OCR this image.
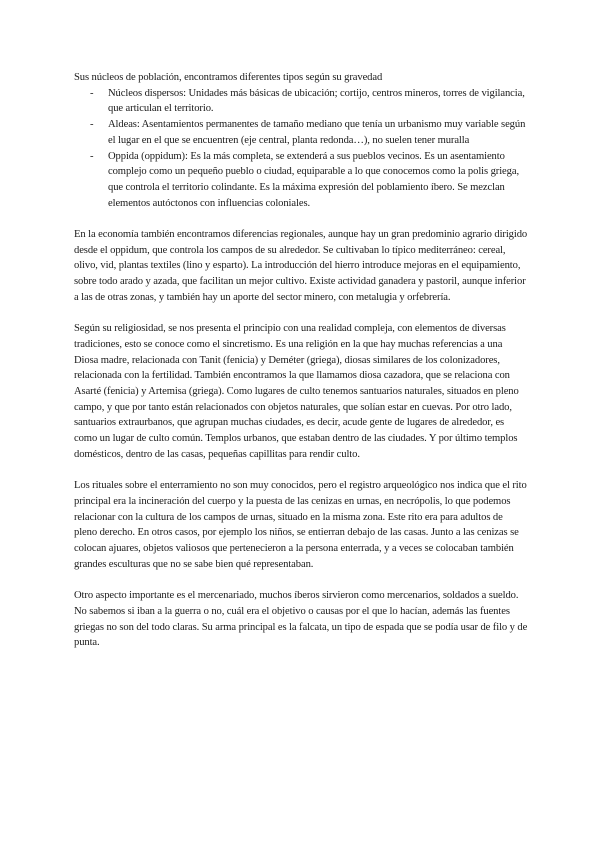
Sus núcleos de población, encontramos diferentes tipos según su gravedad

- Núcleos dispersos: Unidades más básicas de ubicación; cortijo, centros mineros, torres de vigilancia, que articulan el territorio.
- Aldeas: Asentamientos permanentes de tamaño mediano que tenía un urbanismo muy variable según el lugar en el que se encuentren (eje central, planta redonda…), no suelen tener muralla
- Oppida (oppidum): Es la más completa, se extenderá a sus pueblos vecinos. Es un asentamiento complejo como un pequeño pueblo o ciudad, equiparable a lo que conocemos como la polis griega, que controla el territorio colindante. Es la máxima expresión del poblamiento íbero. Se mezclan elementos autóctonos con influencias coloniales.

En la economía también encontramos diferencias regionales, aunque hay un gran predominio agrario dirigido desde el oppidum, que controla los campos de su alrededor. Se cultivaban lo típico mediterráneo: cereal, olivo, vid, plantas textiles (lino y esparto). La introducción del hierro introduce mejoras en el equipamiento, sobre todo arado y azada, que facilitan un mejor cultivo. Existe actividad ganadera y pastoril, aunque inferior a las de otras zonas, y también hay un aporte del sector minero, con metalugia y orfebrería.

Según su religiosidad, se nos presenta el principio con una realidad compleja, con elementos de diversas tradiciones, esto se conoce como el sincretismo. Es una religión en la que hay muchas referencias a una Diosa madre, relacionada con Tanit (fenicia) y Deméter (griega), diosas similares de los colonizadores, relacionada con la fertilidad. También encontramos la que llamamos diosa cazadora, que se relaciona con Asarté (fenicia) y Artemisa (griega). Como lugares de culto tenemos santuarios naturales, situados en pleno campo, y que por tanto están relacionados con objetos naturales, que solían estar en cuevas. Por otro lado, santuarios extraurbanos, que agrupan muchas ciudades, es decir, acude gente de lugares de alrededor, es como un lugar de culto común. Templos urbanos, que estaban dentro de las ciudades. Y por último templos domésticos, dentro de las casas, pequeñas capillitas para rendir culto.

Los rituales sobre el enterramiento no son muy conocidos, pero el registro arqueológico nos indica que el rito principal era la incineración del cuerpo y la puesta de las cenizas en urnas, en necrópolis, lo que podemos relacionar con la cultura de los campos de urnas, situado en la misma zona. Este rito era para adultos de pleno derecho. En otros casos, por ejemplo los niños, se entierran debajo de las casas. Junto a las cenizas se colocan ajuares, objetos valiosos que pertenecieron a la persona enterrada, y a veces se colocaban también grandes esculturas que no se sabe bien qué representaban.

Otro aspecto importante es el mercenariado, muchos íberos sirvieron como mercenarios, soldados a sueldo. No sabemos si iban a la guerra o no, cuál era el objetivo o causas por el que lo hacían, además las fuentes griegas no son del todo claras. Su arma principal es la falcata, un tipo de espada que se podía usar de filo y de punta.
